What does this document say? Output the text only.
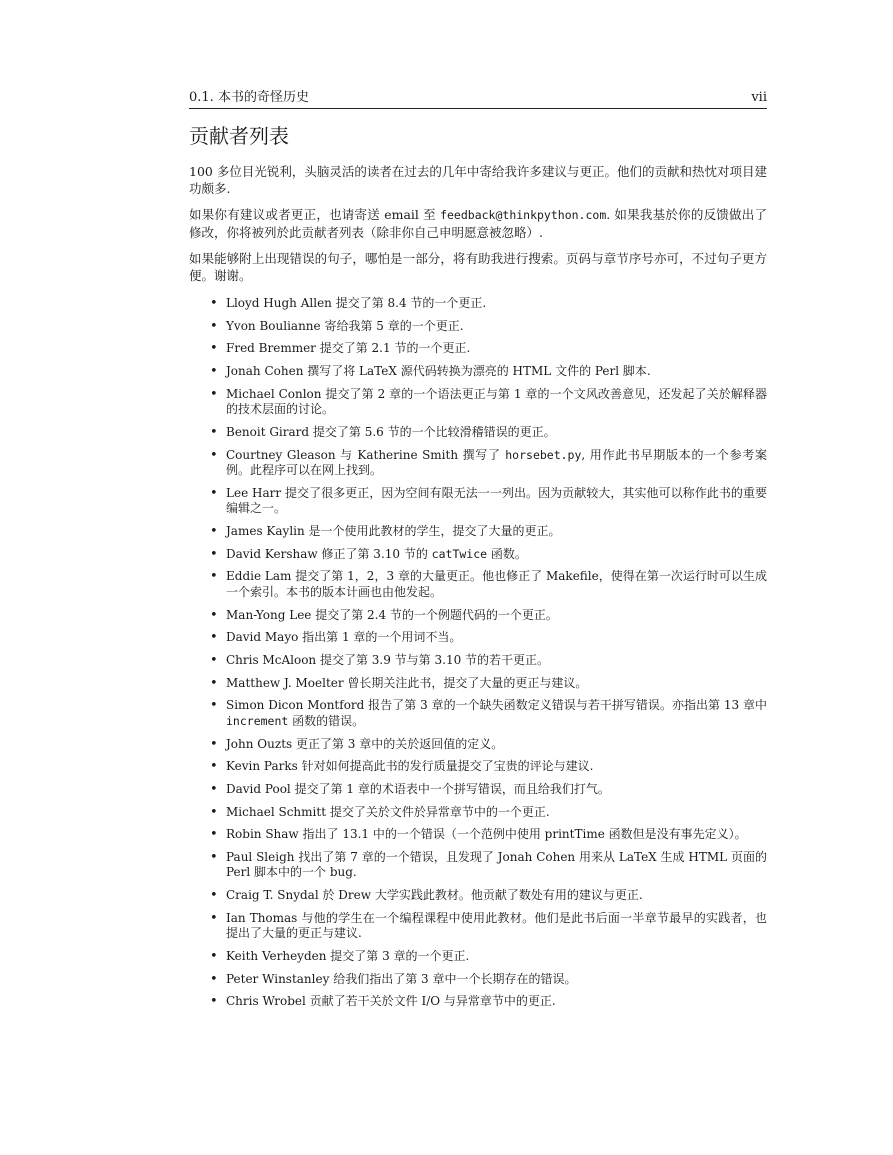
0.1. 本书的奇怪历史	vii
贡献者列表

100 多位目光锐利，头脑灵活的读者在过去的几年中寄给我许多建议与更正。他们的贡献和热忱对项目建功颇多.

如果你有建议或者更正，也请寄送 email 至 feedback@thinkpython.com. 如果我基於你的反馈做出了修改，你将被列於此贡献者列表（除非你自己申明愿意被忽略）.

如果能够附上出现错误的句子，哪怕是一部分，将有助我进行搜索。页码与章节序号亦可，不过句子更方便。谢谢。

• Lloyd Hugh Allen 提交了第 8.4 节的一个更正.
• Yvon Boulianne 寄给我第 5 章的一个更正.
• Fred Bremmer 提交了第 2.1 节的一个更正.
• Jonah Cohen 撰写了将 LaTeX 源代码转换为漂亮的 HTML 文件的 Perl 脚本.
• Michael Conlon 提交了第 2 章的一个语法更正与第 1 章的一个文风改善意见，还发起了关於解释器的技术层面的讨论。
• Benoit Girard 提交了第 5.6 节的一个比较滑稽错误的更正。
• Courtney Gleason 与 Katherine Smith 撰写了 horsebet.py, 用作此书早期版本的一个参考案例。此程序可以在网上找到。
• Lee Harr 提交了很多更正，因为空间有限无法一一列出。因为贡献较大，其实他可以称作此书的重要编辑之一。
• James Kaylin 是一个使用此教材的学生，提交了大量的更正。
• David Kershaw 修正了第 3.10 节的 catTwice 函数。
• Eddie Lam 提交了第 1，2，3 章的大量更正。他也修正了 Makefile，使得在第一次运行时可以生成一个索引。本书的版本计画也由他发起。
• Man-Yong Lee 提交了第 2.4 节的一个例题代码的一个更正。
• David Mayo 指出第 1 章的一个用词不当。
• Chris McAloon 提交了第 3.9 节与第 3.10 节的若干更正。
• Matthew J. Moelter 曾长期关注此书，提交了大量的更正与建议。
• Simon Dicon Montford 报告了第 3 章的一个缺失函数定义错误与若干拼写错误。亦指出第 13 章中 increment 函数的错误。
• John Ouzts 更正了第 3 章中的关於返回值的定义。
• Kevin Parks 针对如何提高此书的发行质量提交了宝贵的评论与建议.
• David Pool 提交了第 1 章的术语表中一个拼写错误，而且给我们打气。
• Michael Schmitt 提交了关於文件於异常章节中的一个更正.
• Robin Shaw 指出了 13.1 中的一个错误（一个范例中使用 printTime 函数但是没有事先定义）。
• Paul Sleigh 找出了第 7 章的一个错误，且发现了 Jonah Cohen 用来从 LaTeX 生成 HTML 页面的 Perl 脚本中的一个 bug.
• Craig T. Snydal 於 Drew 大学实践此教材。他贡献了数处有用的建议与更正.
• Ian Thomas 与他的学生在一个编程课程中使用此教材。他们是此书后面一半章节最早的实践者，也提出了大量的更正与建议.
• Keith Verheyden 提交了第 3 章的一个更正.
• Peter Winstanley 给我们指出了第 3 章中一个长期存在的错误。
• Chris Wrobel 贡献了若干关於文件 I/O 与异常章节中的更正.
